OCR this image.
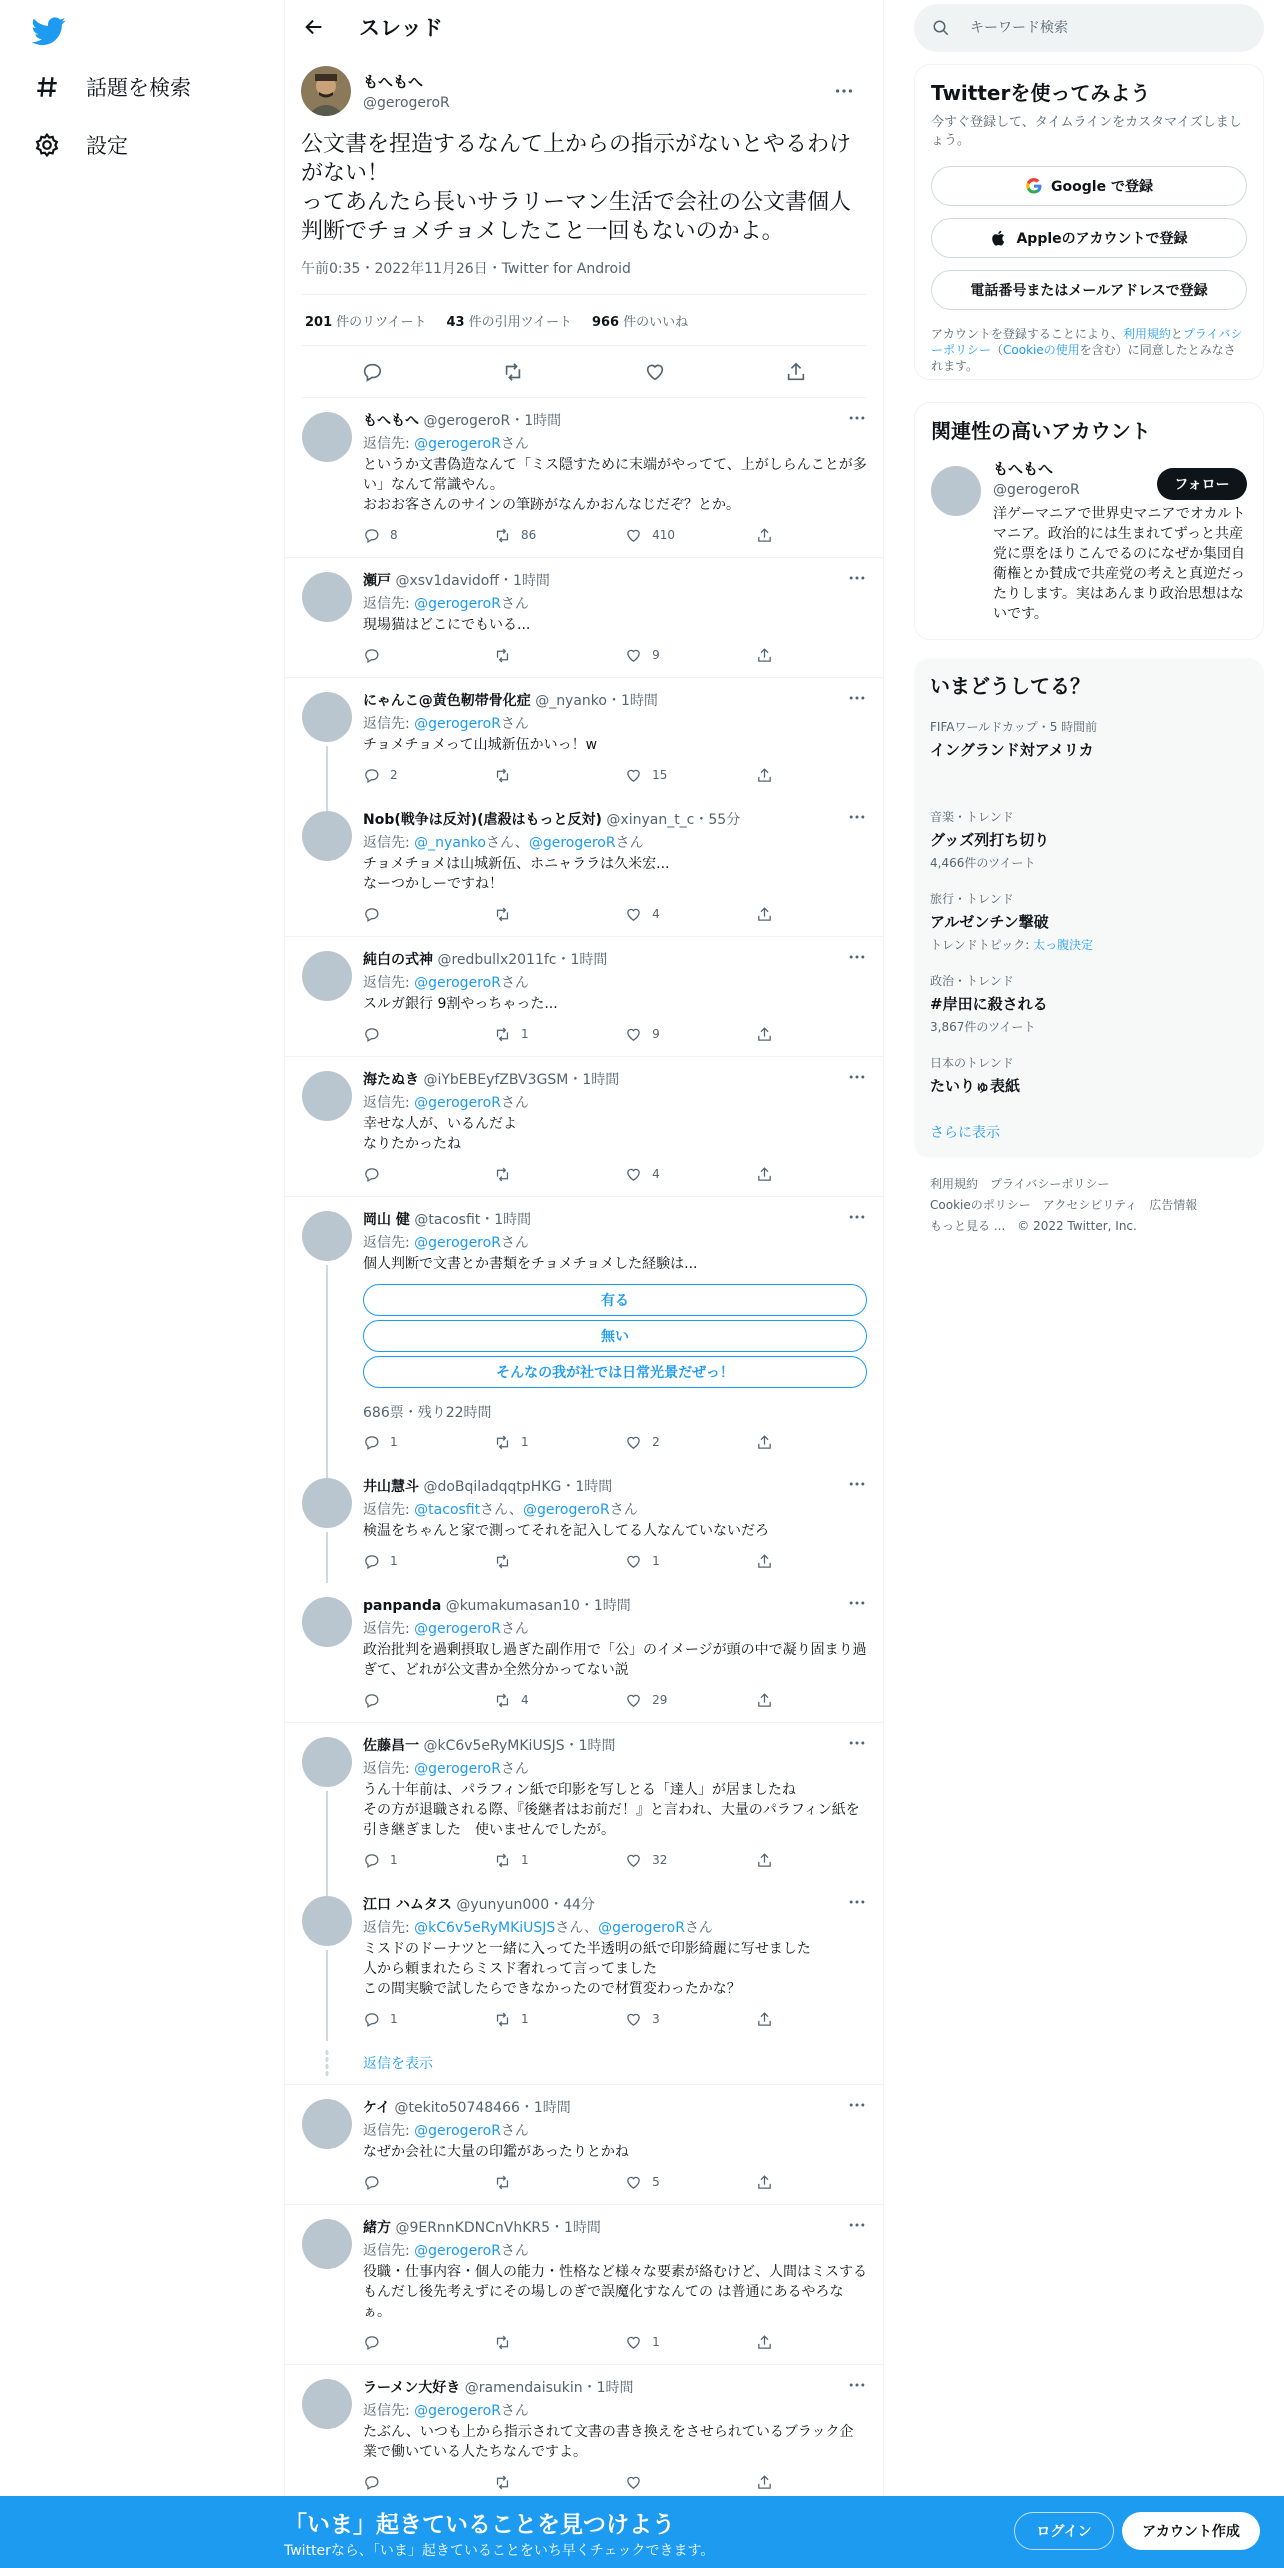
話題を検索
設定
スレッド
もへもへ
@gerogeroR
公文書を捏造するなんて上からの指示がないとやるわけがない！
ってあんたら長いサラリーマン生活で会社の公文書個人判断でチョメチョメしたこと一回もないのかよ。
午前0:35・2022年11月26日・Twitter for Android
201 件のリツイート 43 件の引用ツイート 966 件のいいね
もへもへ @gerogeroR・1時間
返信先: @gerogeroRさん
というか文書偽造なんて「ミス隠すために末端がやってて、上がしらんことが多い」なんて常識やん。
おおお客さんのサインの筆跡がなんかおんなじだぞ？とか。
8	86	410
瀬戸 @xsv1davidoff・1時間
返信先: @gerogeroRさん
現場猫はどこにでもいる...
9
にゃんこ@黄色靭帯骨化症 @_nyanko・1時間
返信先: @gerogeroRさん
チョメチョメって山城新伍かいっ！w
2	15
Nob(戦争は反対)(虐殺はもっと反対) @xinyan_t_c・55分
返信先: @_nyankoさん、@gerogeroRさん
チョメチョメは山城新伍、ホニャララは久米宏...
なーつかしーですね！
4
純白の式神 @redbullx2011fc・1時間
返信先: @gerogeroRさん
スルガ銀行 9割やっちゃった...
1	9
海たぬき @iYbEBEyfZBV3GSM・1時間
返信先: @gerogeroRさん
幸せな人が、いるんだよ
なりたかったね
4
岡山 健 @tacosfit・1時間
返信先: @gerogeroRさん
個人判断で文書とか書類をチョメチョメした経験は...
有る
無い
そんなの我が社では日常光景だぜっ！
686票・残り22時間
1	1	2
井山慧斗 @doBqiladqqtpHKG・1時間
返信先: @tacosfitさん、@gerogeroRさん
検温をちゃんと家で測ってそれを記入してる人なんていないだろ
1	1
panpanda @kumakumasan10・1時間
返信先: @gerogeroRさん
政治批判を過剰摂取し過ぎた副作用で「公」のイメージが頭の中で凝り固まり過ぎて、どれが公文書か全然分かってない説
4	29
佐藤昌一 @kC6v5eRyMKiUSJS・1時間
返信先: @gerogeroRさん
うん十年前は、パラフィン紙で印影を写しとる「達人」が居ましたね
その方が退職される際、『後継者はお前だ！』と言われ、大量のパラフィン紙を引き継ぎました　使いませんでしたが。
1	1	32
江口 ハムタス @yunyun000・44分
返信先: @kC6v5eRyMKiUSJSさん、@gerogeroRさん
ミスドのドーナツと一緒に入ってた半透明の紙で印影綺麗に写せました
人から頼まれたらミスド奢れって言ってました
この間実験で試したらできなかったので材質変わったかな？
1	1	3
返信を表示
ケイ @tekito50748466・1時間
返信先: @gerogeroRさん
なぜか会社に大量の印鑑があったりとかね
5
緒方 @9ERnnKDNCnVhKR5・1時間
返信先: @gerogeroRさん
役職・仕事内容・個人の能力・性格など様々な要素が絡むけど、人間はミスするもんだし後先考えずにその場しのぎで誤魔化すなんての は普通にあるやろなぁ。
1
ラーメン大好き @ramendaisukin・1時間
返信先: @gerogeroRさん
たぶん、いつも上から指示されて文書の書き換えをさせられているブラック企業で働いている人たちなんですよ。
キーワード検索
Twitterを使ってみよう
今すぐ登録して、タイムラインをカスタマイズしましょう。
Google で登録
Appleのアカウントで登録
電話番号またはメールアドレスで登録
アカウントを登録することにより、利用規約とプライバシーポリシー（Cookieの使用を含む）に同意したとみなされます。
関連性の高いアカウント
フォロー
もへもへ
@gerogeroR
洋ゲーマニアで世界史マニアでオカルトマニア。政治的には生まれてずっと共産党に票をほりこんでるのになぜか集団自衛権とか賛成で共産党の考えと真逆だったりします。実はあんまり政治思想はないです。
いまどうしてる？
FIFAワールドカップ・5 時間前
イングランド対アメリカ
音楽・トレンド
グッズ列打ち切り
4,466件のツイート
旅行・トレンド
アルゼンチン撃破
トレンドトピック: 太っ腹決定
政治・トレンド
#岸田に殺される
3,867件のツイート
日本のトレンド
たいりゅ表紙
さらに表示
利用規約 プライバシーポリシー
Cookieのポリシー アクセシビリティ 広告情報
もっと見る ... © 2022 Twitter, Inc.
「いま」起きていることを見つけよう
Twitterなら、「いま」起きていることをいち早くチェックできます。
ログイン	アカウント作成
